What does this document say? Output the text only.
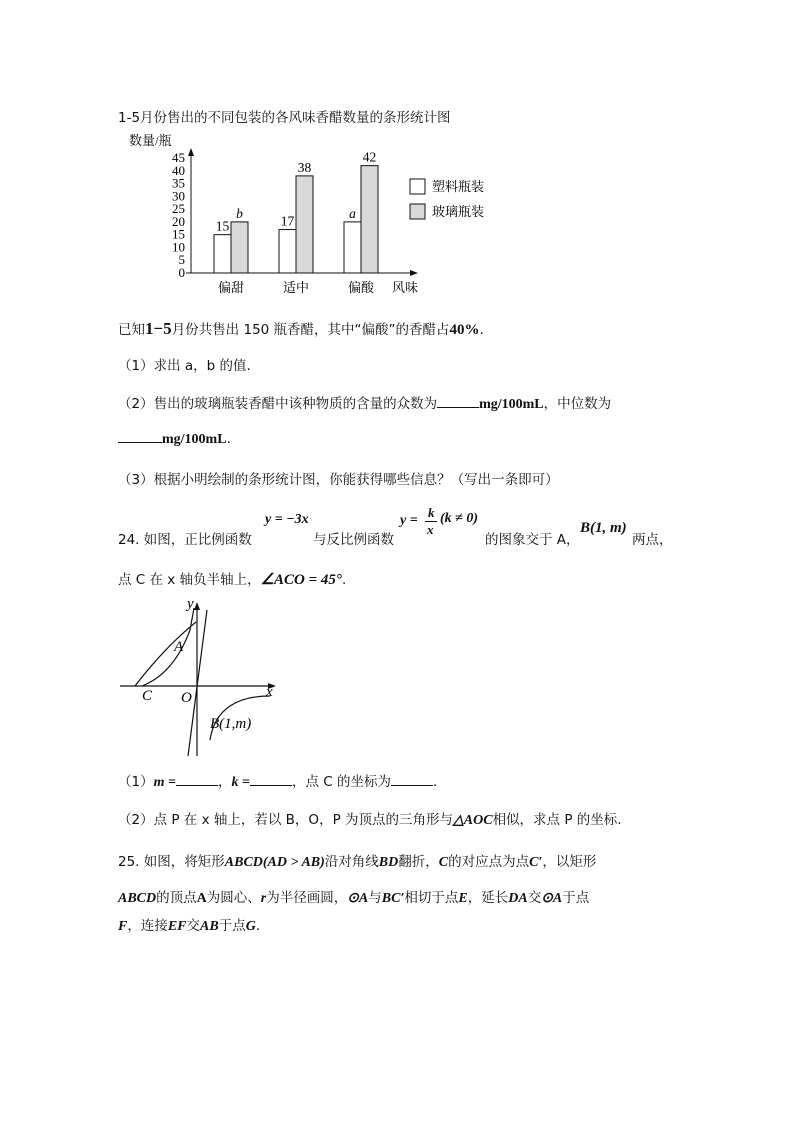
1-5月份售出的不同包装的各风味香醋数量的条形统计图
数量/瓶
0
5
10
15
20
25
30
35
40
45
15
b
17
38
a
42
偏甜	适中	偏酸 风味
塑料瓶装
玻璃瓶装
已知1−5月份共售出 150 瓶香醋，其中“偏酸”的香醋占40%.
（1）求出 a，b 的值.
（2）售出的玻璃瓶装香醋中该种物质的含量的众数为	mg/100mL，中位数为
mg/100mL.
（3）根据小明绘制的条形统计图，你能获得哪些信息？（写出一条即可）
24. 如图，正比例函数
y = −3x
与反比例函数
y =
k
x
(k ≠ 0)
的图象交于 A，
B(1, m)
两点，
点 C 在 x 轴负半轴上，∠ACO = 45°.
y
x
O
A
C
B(1,m)
（1）m =	，k =	，点 C 的坐标为	.
（2）点 P 在 x 轴上，若以 B，O，P 为顶点的三角形与△AOC相似，求点 P 的坐标.
25. 如图，将矩形ABCD(AD > AB)沿对角线BD翻折，C的对应点为点C′，以矩形
ABCD的顶点A为圆心、r为半径画圆，⊙A与BC′相切于点E，延长DA交⊙A于点
F，连接EF交AB于点G.
